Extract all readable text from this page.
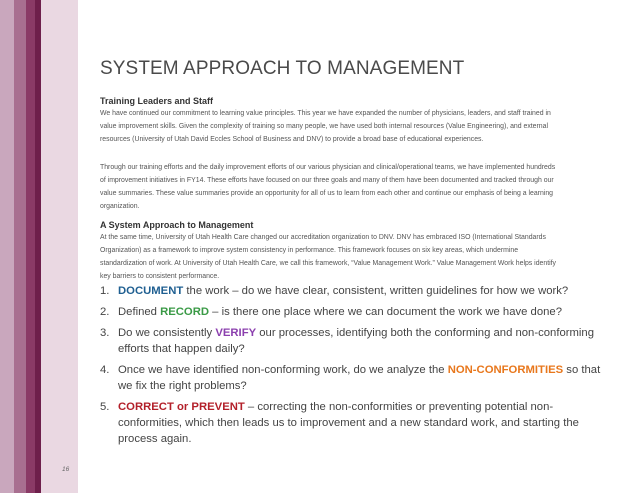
SYSTEM APPROACH TO MANAGEMENT
Training Leaders and Staff

We have continued our commitment to learning value principles. This year we have expanded the number of physicians, leaders, and staff trained in value improvement skills. Given the complexity of training so many people, we have used both internal resources (Value Engineering), and external resources (University of Utah David Eccles School of Business and DNV) to provide a broad base of educational experiences.

Through our training efforts and the daily improvement efforts of our various physician and clinical/operational teams, we have implemented hundreds of improvement initiatives in FY14. These efforts have focused on our three goals and many of them have been documented and tracked through our value summaries. These value summaries provide an opportunity for all of us to learn from each other and continue our emphasis of being a learning organization.

A System Approach to Management

At the same time, University of Utah Health Care changed our accreditation organization to DNV. DNV has embraced ISO (International Standards Organization) as a framework to improve system consistency in performance. This framework focuses on six key areas, which undermine standardization of work. At University of Utah Health Care, we call this framework, “Value Management Work.” Value Management Work helps identify key barriers to consistent performance.

1. DOCUMENT the work – do we have clear, consistent, written guidelines for how we work?
2. Defined RECORD – is there one place where we can document the work we have done?
3. Do we consistently VERIFY our processes, identifying both the conforming and non-conforming efforts that happen daily?
4. Once we have identified non-conforming work, do we analyze the NON-CONFORMITIES so that we fix the right problems?
5. CORRECT or PREVENT – correcting the non-conformities or preventing potential non-conformities, which then leads us to improvement and a new standard work, and starting the process again.
16
